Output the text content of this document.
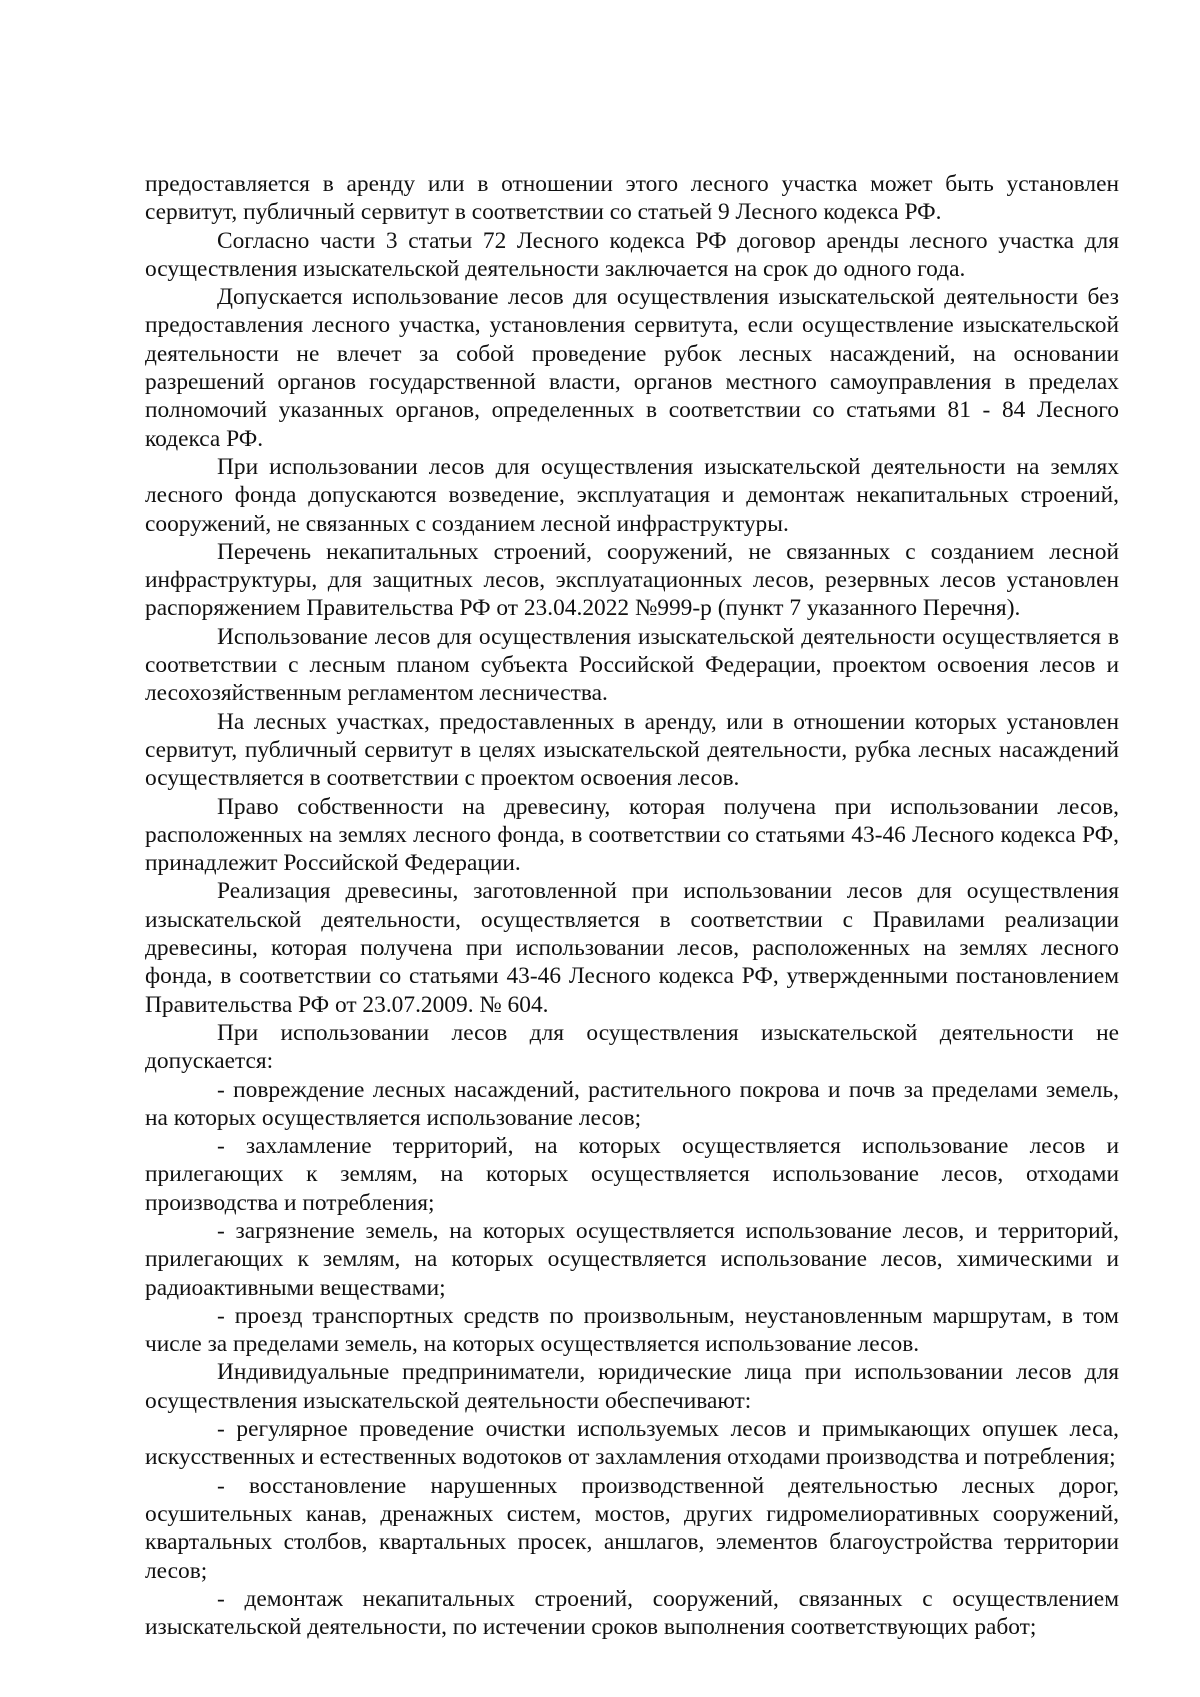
предоставляется в аренду или в отношении этого лесного участка может быть установлен сервитут, публичный сервитут в соответствии со статьей 9 Лесного кодекса РФ.

Согласно части 3 статьи 72 Лесного кодекса РФ договор аренды лесного участка для осуществления изыскательской деятельности заключается на срок до одного года.

Допускается использование лесов для осуществления изыскательской деятельности без предоставления лесного участка, установления сервитута, если осуществление изыскательской деятельности не влечет за собой проведение рубок лесных насаждений, на основании разрешений органов государственной власти, органов местного самоуправления в пределах полномочий указанных органов, определенных в соответствии со статьями 81 - 84 Лесного кодекса РФ.

При использовании лесов для осуществления изыскательской деятельности на землях лесного фонда допускаются возведение, эксплуатация и демонтаж некапитальных строений, сооружений, не связанных с созданием лесной инфраструктуры.

Перечень некапитальных строений, сооружений, не связанных с созданием лесной инфраструктуры, для защитных лесов, эксплуатационных лесов, резервных лесов установлен распоряжением Правительства РФ от 23.04.2022 №999-р (пункт 7 указанного Перечня).

Использование лесов для осуществления изыскательской деятельности осуществляется в соответствии с лесным планом субъекта Российской Федерации, проектом освоения лесов и лесохозяйственным регламентом лесничества.

На лесных участках, предоставленных в аренду, или в отношении которых установлен сервитут, публичный сервитут в целях изыскательской деятельности, рубка лесных насаждений осуществляется в соответствии с проектом освоения лесов.

Право собственности на древесину, которая получена при использовании лесов, расположенных на землях лесного фонда, в соответствии со статьями 43-46 Лесного кодекса РФ, принадлежит Российской Федерации.

Реализация древесины, заготовленной при использовании лесов для осуществления изыскательской деятельности, осуществляется в соответствии с Правилами реализации древесины, которая получена при использовании лесов, расположенных на землях лесного фонда, в соответствии со статьями 43-46 Лесного кодекса РФ, утвержденными постановлением Правительства РФ от 23.07.2009. № 604.

При использовании лесов для осуществления изыскательской деятельности не допускается:

- повреждение лесных насаждений, растительного покрова и почв за пределами земель, на которых осуществляется использование лесов;

- захламление территорий, на которых осуществляется использование лесов и прилегающих к землям, на которых осуществляется использование лесов, отходами производства и потребления;

- загрязнение земель, на которых осуществляется использование лесов, и территорий, прилегающих к землям, на которых осуществляется использование лесов, химическими и радиоактивными веществами;

- проезд транспортных средств по произвольным, неустановленным маршрутам, в том числе за пределами земель, на которых осуществляется использование лесов.

Индивидуальные предприниматели, юридические лица при использовании лесов для осуществления изыскательской деятельности обеспечивают:

- регулярное проведение очистки используемых лесов и примыкающих опушек леса, искусственных и естественных водотоков от захламления отходами производства и потребления;

- восстановление нарушенных производственной деятельностью лесных дорог, осушительных канав, дренажных систем, мостов, других гидромелиоративных сооружений, квартальных столбов, квартальных просек, аншлагов, элементов благоустройства территории лесов;

- демонтаж некапитальных строений, сооружений, связанных с осуществлением изыскательской деятельности, по истечении сроков выполнения соответствующих работ;
